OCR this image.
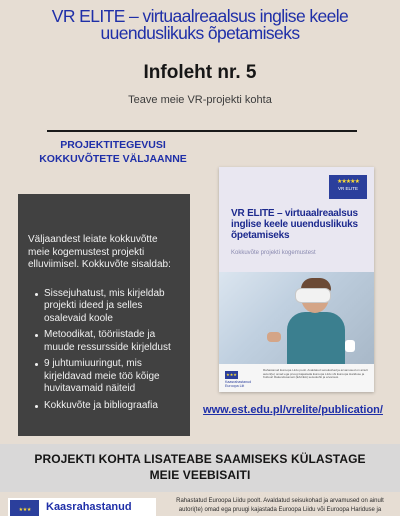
VR ELITE – virtuaalreaalsus inglise keele
uuenduslikuks õpetamiseks
Infoleht nr. 5
Teave meie VR-projekti kohta
PROJEKTITEGEVUSI
KOKKUVÕTETE VÄLJAANNE

Väljaandest leiate kokkuvõtte meie kogemustest projekti elluviimisel. Kokkuvõte sisaldab:

Sissejuhatust, mis kirjeldab projekti ideed ja selles osalevaid koole
Metoodikat, tööriistade ja muude ressursside kirjeldust
9 juhtumiuuringut, mis kirjeldavad meie töö kõige huvitavamaid näiteid
Kokkuvõte ja bibliograafia
★★★★★
VR ELITE
VR ELITE – virtuaalreaalsus inglise keele uuenduslikuks õpetamiseks
Kokkuvõte projekti kogemustest
★★★
Kaasrahastanud Euroopa Liit
Rahastanud Euroopa Liidu poolt. Avaldatud seisukohad ja arvamused on ainult autori(te) omad ega pruugi kajastada Euroopa Liidu või Euroopa Hariduse ja Kultuuri Rakendusameti (EACEA) seisukohti ja arvamusi.
www.est.edu.pl/vrelite/publication/
PROJEKTI KOHTA LISATEABE SAAMISEKS KÜLASTAGE
MEIE VEEBISAITI
★ ★ ★	Kaasrahastanud	Rahastatud Euroopa Liidu poolt. Avaldatud seisukohad ja arvamused on ainult
autori(te) omad ega pruugi kajastada Euroopa Liidu või Euroopa Hariduse ja
